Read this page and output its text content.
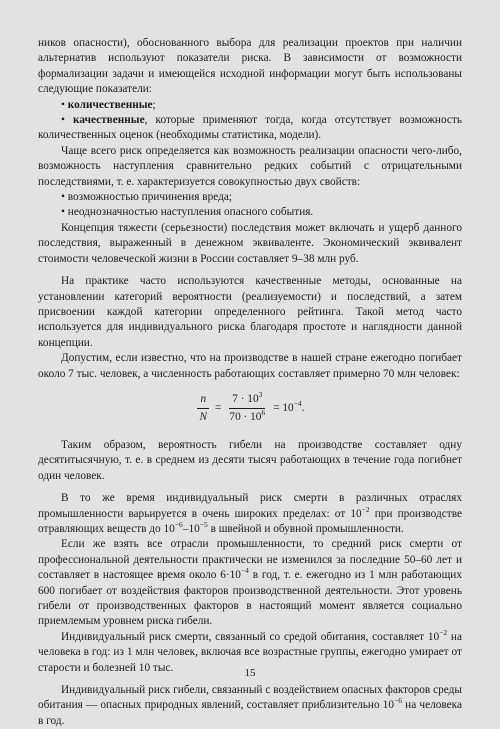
ников опасности), обоснованного выбора для реализации проектов при наличии альтернатив используют показатели риска. В зависимости от возможности формализации задачи и имеющейся исходной информации могут быть использованы следующие показатели:

• количественные;

• качественные, которые применяют тогда, когда отсутствует возможность количественных оценок (необходимы статистика, модели).

Чаще всего риск определяется как возможность реализации опасности чего-либо, возможность наступления сравнительно редких событий с отрицательными последствиями, т. е. характеризуется совокупностью двух свойств:

• возможностью причинения вреда;

• неоднозначностью наступления опасного события.

Концепция тяжести (серьезности) последствия может включать и ущерб данного последствия, выраженный в денежном эквиваленте. Экономический эквивалент стоимости человеческой жизни в России составляет 9–38 млн руб.

На практике часто используются качественные методы, основанные на установлении категорий вероятности (реализуемости) и последствий, а затем присвоении каждой категории определенного рейтинга. Такой метод часто используется для индивидуального риска благодаря простоте и наглядности данной концепции.

Допустим, если известно, что на производстве в нашей стране ежегодно погибает около 7 тыс. человек, а численность работающих составляет примерно 70 млн человек:

$\frac{n}{N} = \frac{7 \cdot 10^3}{70 \cdot 10^6} = 10^{-4}$.

Таким образом, вероятность гибели на производстве составляет одну десятитысячную, т. е. в среднем из десяти тысяч работающих в течение года погибнет один человек.

В то же время индивидуальный риск смерти в различных отраслях промышленности варьируется в очень широких пределах: от $10^{-2}$ при производстве отравляющих веществ до $10^{-6}-10^{-5}$ в швейной и обувной промышленности.

Если же взять все отрасли промышленности, то средний риск смерти от профессиональной деятельности практически не изменился за последние 50–60 лет и составляет в настоящее время около $6\cdot 10^{-4}$ в год, т. е. ежегодно из 1 млн работающих 600 погибает от воздействия факторов производственной деятельности. Этот уровень гибели от производственных факторов в настоящий момент является социально приемлемым уровнем риска гибели.

Индивидуальный риск смерти, связанный со средой обитания, составляет $10^{-2}$ на человека в год: из 1 млн человек, включая все возрастные группы, ежегодно умирает от старости и болезней 10 тыс.

Индивидуальный риск гибели, связанный с воздействием опасных факторов среды обитания — опасных природных явлений, составляет приблизительно $10^{-6}$ на человека в год.

15
